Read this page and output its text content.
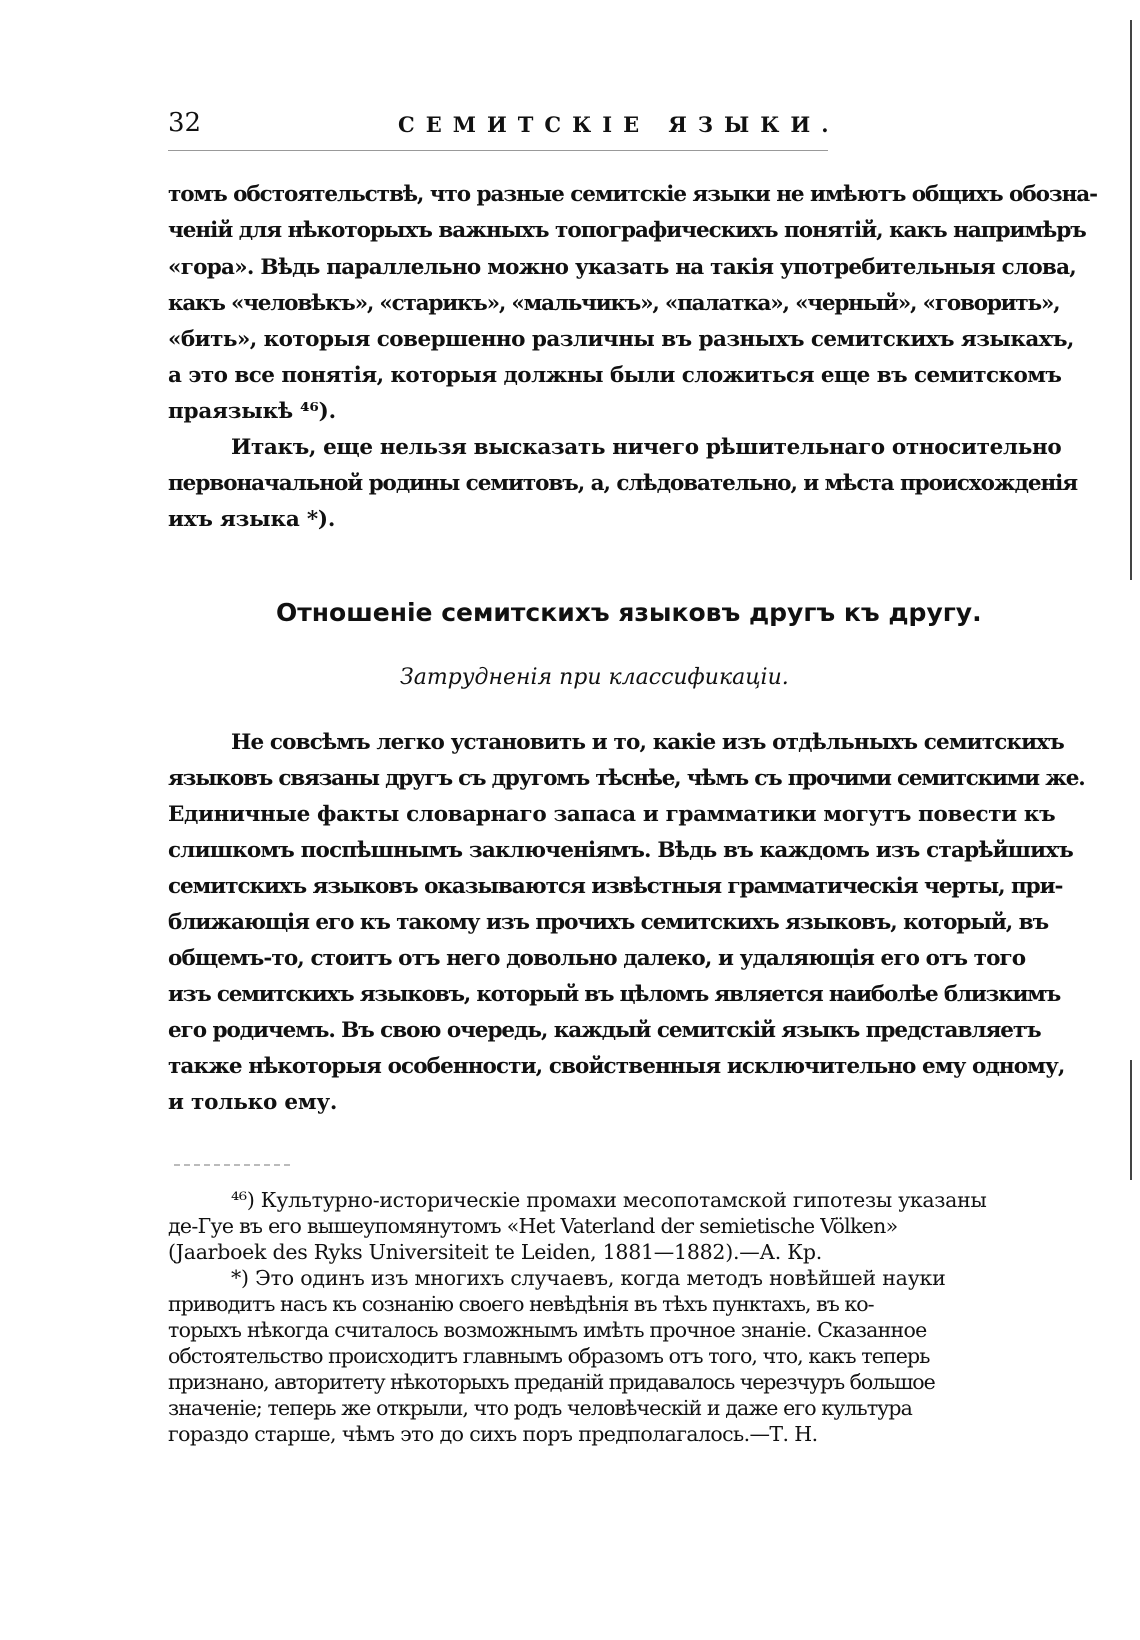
32	СЕМИТСКІЕ ЯЗЫКИ.
томъ обстоятельствѣ, что разные семитскіе языки не имѣютъ общихъ обозна-
ченій для нѣкоторыхъ важныхъ топографическихъ понятій, какъ напримѣръ
«гора». Вѣдь параллельно можно указать на такія употребительныя слова,
какъ «человѣкъ», «старикъ», «мальчикъ», «палатка», «черный», «говорить»,
«бить», которыя совершенно различны въ разныхъ семитскихъ языкахъ,
а это все понятія, которыя должны были сложиться еще въ семитскомъ
праязыкѣ ⁴⁶).
Итакъ, еще нельзя высказать ничего рѣшительнаго относительно
первоначальной родины семитовъ, а, слѣдовательно, и мѣста происхожденія
ихъ языка *).
Отношеніе семитскихъ языковъ другъ къ другу.
Затрудненія при классификаціи.
Не совсѣмъ легко установить и то, какіе изъ отдѣльныхъ семитскихъ
языковъ связаны другъ съ другомъ тѣснѣе, чѣмъ съ прочими семитскими же.
Единичные факты словарнаго запаса и грамматики могутъ повести къ
слишкомъ поспѣшнымъ заключеніямъ. Вѣдь въ каждомъ изъ старѣйшихъ
семитскихъ языковъ оказываются извѣстныя грамматическія черты, при-
ближающія его къ такому изъ прочихъ семитскихъ языковъ, который, въ
общемъ-то, стоитъ отъ него довольно далеко, и удаляющія его отъ того
изъ семитскихъ языковъ, который въ цѣломъ является наиболѣе близкимъ
его родичемъ. Въ свою очередь, каждый семитскій языкъ представляетъ
также нѣкоторыя особенности, свойственныя исключительно ему одному,
и только ему.
⁴⁶) Культурно-историческіе промахи месопотамской гипотезы указаны
де-Гуе въ его вышеупомянутомъ «Het Vaterland der semietische Völken»
(Jaarboek des Ryks Universiteit te Leiden, 1881—1882).—А. Кр.
*) Это одинъ изъ многихъ случаевъ, когда методъ новѣйшей науки
приводитъ насъ къ сознанію своего невѣдѣнія въ тѣхъ пунктахъ, въ ко-
торыхъ нѣкогда считалось возможнымъ имѣть прочное знаніе. Сказанное
обстоятельство происходитъ главнымъ образомъ отъ того, что, какъ теперь
признано, авторитету нѣкоторыхъ преданій придавалось черезчуръ большое
значеніе; теперь же открыли, что родъ человѣческій и даже его культура
гораздо старше, чѣмъ это до сихъ поръ предполагалось.—Т. Н.
